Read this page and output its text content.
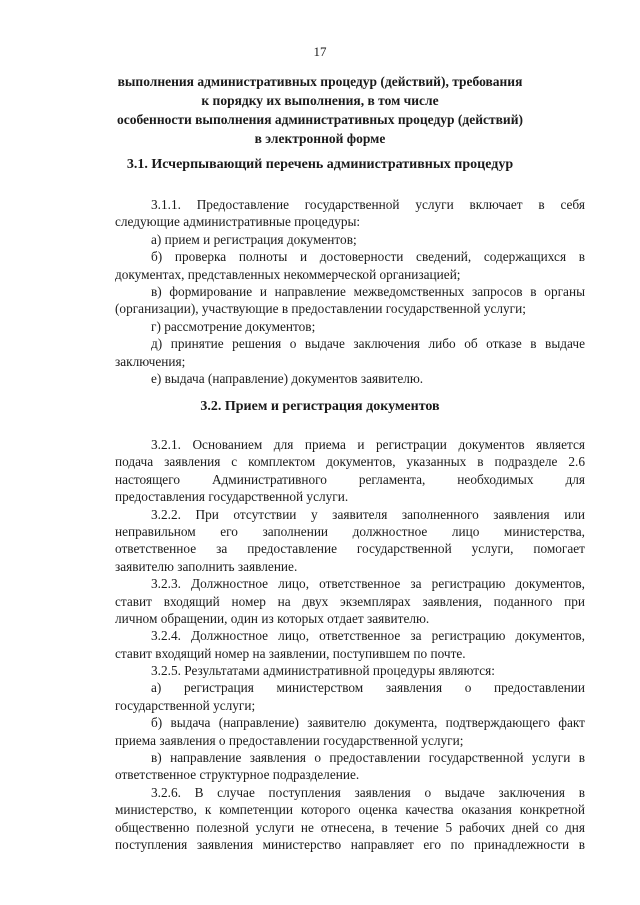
17
выполнения административных процедур (действий), требования
к порядку их выполнения, в том числе
особенности выполнения административных процедур (действий)
в электронной форме
3.1. Исчерпывающий перечень административных процедур
3.1.1. Предоставление государственной услуги включает в себя
следующие административные процедуры:
а) прием и регистрация документов;
б) проверка полноты и достоверности сведений, содержащихся в
документах, представленных некоммерческой организацией;
в) формирование и направление межведомственных запросов в органы
(организации), участвующие в предоставлении государственной услуги;
г) рассмотрение документов;
д) принятие решения о выдаче заключения либо об отказе в выдаче
заключения;
е) выдача (направление) документов заявителю.
3.2. Прием и регистрация документов
3.2.1. Основанием для приема и регистрации документов является
подача заявления с комплектом документов, указанных в подразделе 2.6
настоящего Административного регламента, необходимых для
предоставления государственной услуги.
3.2.2. При отсутствии у заявителя заполненного заявления или
неправильном его заполнении должностное лицо министерства,
ответственное за предоставление государственной услуги, помогает
заявителю заполнить заявление.
3.2.3. Должностное лицо, ответственное за регистрацию документов,
ставит входящий номер на двух экземплярах заявления, поданного при
личном обращении, один из которых отдает заявителю.
3.2.4. Должностное лицо, ответственное за регистрацию документов,
ставит входящий номер на заявлении, поступившем по почте.
3.2.5. Результатами административной процедуры являются:
а) регистрация министерством заявления о предоставлении
государственной услуги;
б) выдача (направление) заявителю документа, подтверждающего факт
приема заявления о предоставлении государственной услуги;
в) направление заявления о предоставлении государственной услуги в
ответственное структурное подразделение.
3.2.6. В случае поступления заявления о выдаче заключения в
министерство, к компетенции которого оценка качества оказания конкретной
общественно полезной услуги не отнесена, в течение 5 рабочих дней со дня
поступления заявления министерство направляет его по принадлежности в
